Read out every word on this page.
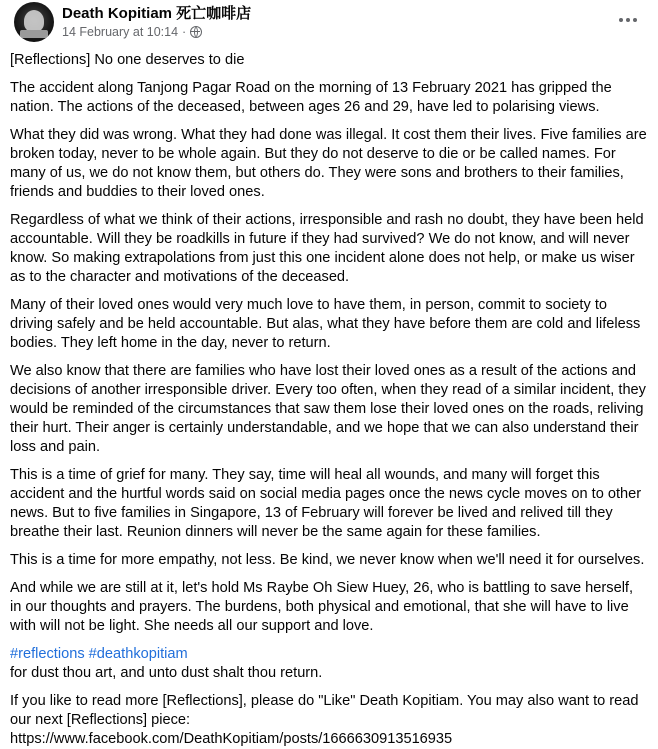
Death Kopitiam 死亡咖啡店
14 February at 10:14 ·

[Reflections] No one deserves to die

The accident along Tanjong Pagar Road on the morning of 13 February 2021 has gripped the nation. The actions of the deceased, between ages 26 and 29, have led to polarising views.

What they did was wrong. What they had done was illegal. It cost them their lives. Five families are broken today, never to be whole again. But they do not deserve to die or be called names. For many of us, we do not know them, but others do. They were sons and brothers to their families, friends and buddies to their loved ones.

Regardless of what we think of their actions, irresponsible and rash no doubt, they have been held accountable. Will they be roadkills in future if they had survived? We do not know, and will never know. So making extrapolations from just this one incident alone does not help, or make us wiser as to the character and motivations of the deceased.

Many of their loved ones would very much love to have them, in person, commit to society to driving safely and be held accountable. But alas, what they have before them are cold and lifeless bodies. They left home in the day, never to return.

We also know that there are families who have lost their loved ones as a result of the actions and decisions of another irresponsible driver. Every too often, when they read of a similar incident, they would be reminded of the circumstances that saw them lose their loved ones on the roads, reliving their hurt. Their anger is certainly understandable, and we hope that we can also understand their loss and pain.

This is a time of grief for many. They say, time will heal all wounds, and many will forget this accident and the hurtful words said on social media pages once the news cycle moves on to other news. But to five families in Singapore, 13 of February will forever be lived and relived till they breathe their last. Reunion dinners will never be the same again for these families.

This is a time for more empathy, not less. Be kind, we never know when we'll need it for ourselves.

And while we are still at it, let's hold Ms Raybe Oh Siew Huey, 26, who is battling to save herself, in our thoughts and prayers. The burdens, both physical and emotional, that she will have to live with will not be light. She needs all our support and love.

#reflections #deathkopitiam

for dust thou art, and unto dust shalt thou return.

If you like to read more [Reflections], please do "Like" Death Kopitiam. You may also want to read our next [Reflections] piece:

https://www.facebook.com/DeathKopitiam/posts/1666630913516935
